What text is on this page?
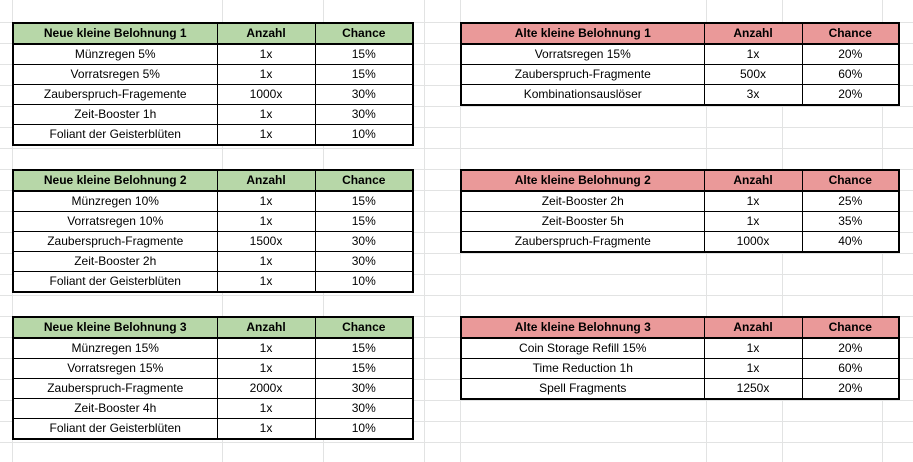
Neue kleine Belohnung 1	Anzahl	Chance
Münzregen 5%	1x	15%
Vorratsregen 5%	1x	15%
Zauberspruch-Fragemente	1000x	30%
Zeit-Booster 1h	1x	30%
Foliant der Geisterblüten	1x	10%
Neue kleine Belohnung 2	Anzahl	Chance
Münzregen 10%	1x	15%
Vorratsregen 10%	1x	15%
Zauberspruch-Fragmente	1500x	30%
Zeit-Booster 2h	1x	30%
Foliant der Geisterblüten	1x	10%
Neue kleine Belohnung 3	Anzahl	Chance
Münzregen 15%	1x	15%
Vorratsregen 15%	1x	15%
Zauberspruch-Fragmente	2000x	30%
Zeit-Booster 4h	1x	30%
Foliant der Geisterblüten	1x	10%
Alte kleine Belohnung 1	Anzahl	Chance
Vorratsregen 15%	1x	20%
Zauberspruch-Fragmente	500x	60%
Kombinationsauslöser	3x	20%
Alte kleine Belohnung 2	Anzahl	Chance
Zeit-Booster 2h	1x	25%
Zeit-Booster 5h	1x	35%
Zauberspruch-Fragmente	1000x	40%
Alte kleine Belohnung 3	Anzahl	Chance
Coin Storage Refill 15%	1x	20%
Time Reduction 1h	1x	60%
Spell Fragments	1250x	20%
